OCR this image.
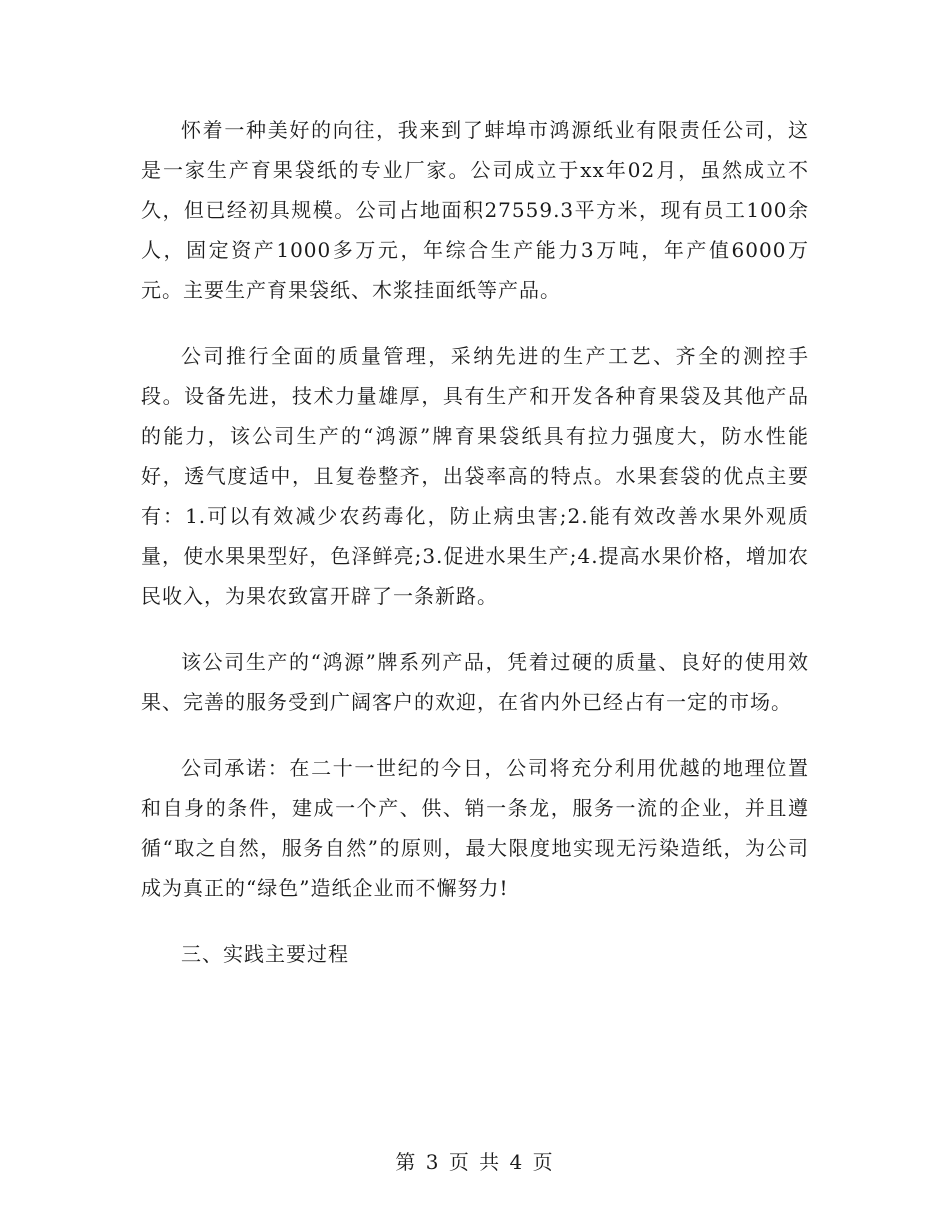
怀着一种美好的向往，我来到了蚌埠市鸿源纸业有限责任公司，这是一家生产育果袋纸的专业厂家。公司成立于xx年02月，虽然成立不久，但已经初具规模。公司占地面积27559.3平方米，现有员工100余人，固定资产1000多万元，年综合生产能力3万吨，年产值6000万元。主要生产育果袋纸、木浆挂面纸等产品。

公司推行全面的质量管理，采纳先进的生产工艺、齐全的测控手段。设备先进，技术力量雄厚，具有生产和开发各种育果袋及其他产品的能力，该公司生产的“鸿源”牌育果袋纸具有拉力强度大，防水性能好，透气度适中，且复卷整齐，出袋率高的特点。水果套袋的优点主要有：1.可以有效减少农药毒化，防止病虫害;2.能有效改善水果外观质量，使水果果型好，色泽鲜亮;3.促进水果生产;4.提高水果价格，增加农民收入，为果农致富开辟了一条新路。

该公司生产的“鸿源”牌系列产品，凭着过硬的质量、良好的使用效果、完善的服务受到广阔客户的欢迎，在省内外已经占有一定的市场。

公司承诺：在二十一世纪的今日，公司将充分利用优越的地理位置和自身的条件，建成一个产、供、销一条龙，服务一流的企业，并且遵循“取之自然，服务自然”的原则，最大限度地实现无污染造纸，为公司成为真正的“绿色”造纸企业而不懈努力!

三、实践主要过程

第 3 页 共 4 页
